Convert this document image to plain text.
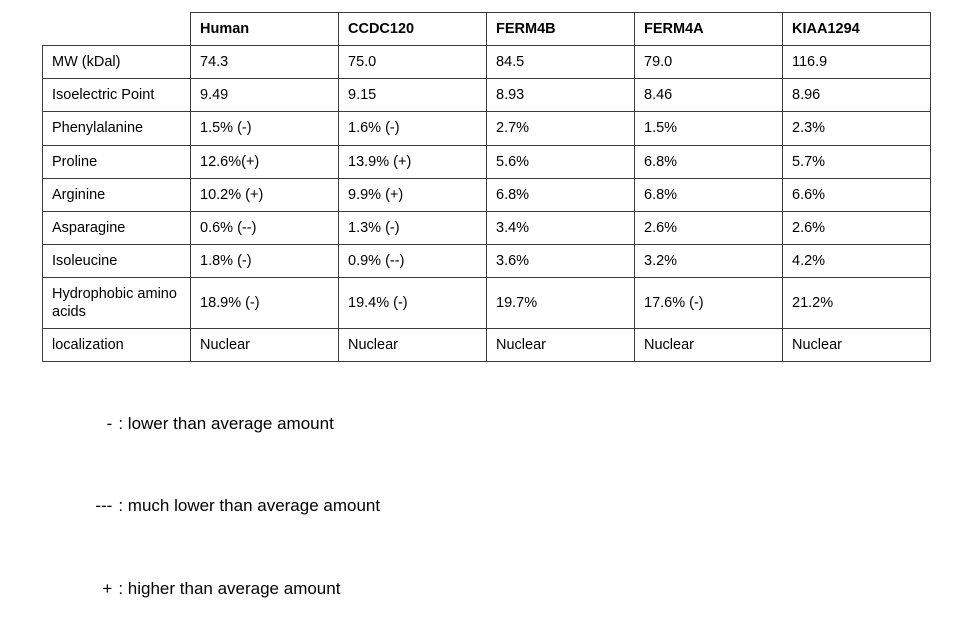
	Human	CCDC120	FERM4B	FERM4A	KIAA1294
MW (kDal)	74.3	75.0	84.5	79.0	116.9
Isoelectric Point	9.49	9.15	8.93	8.46	8.96
Phenylalanine	1.5% (-)	1.6% (-)	2.7%	1.5%	2.3%
Proline	12.6%(+)	13.9% (+)	5.6%	6.8%	5.7%
Arginine	10.2% (+)	9.9% (+)	6.8%	6.8%	6.6%
Asparagine	0.6% (--)	1.3% (-)	3.4%	2.6%	2.6%
Isoleucine	1.8% (-)	0.9% (--)	3.6%	3.2%	4.2%
Hydrophobic amino acids	18.9% (-)	19.4% (-)	19.7%	17.6% (-)	21.2%
localization	Nuclear	Nuclear	Nuclear	Nuclear	Nuclear

- : lower than average amount

--- : much lower than average amount

+ : higher than average amount
